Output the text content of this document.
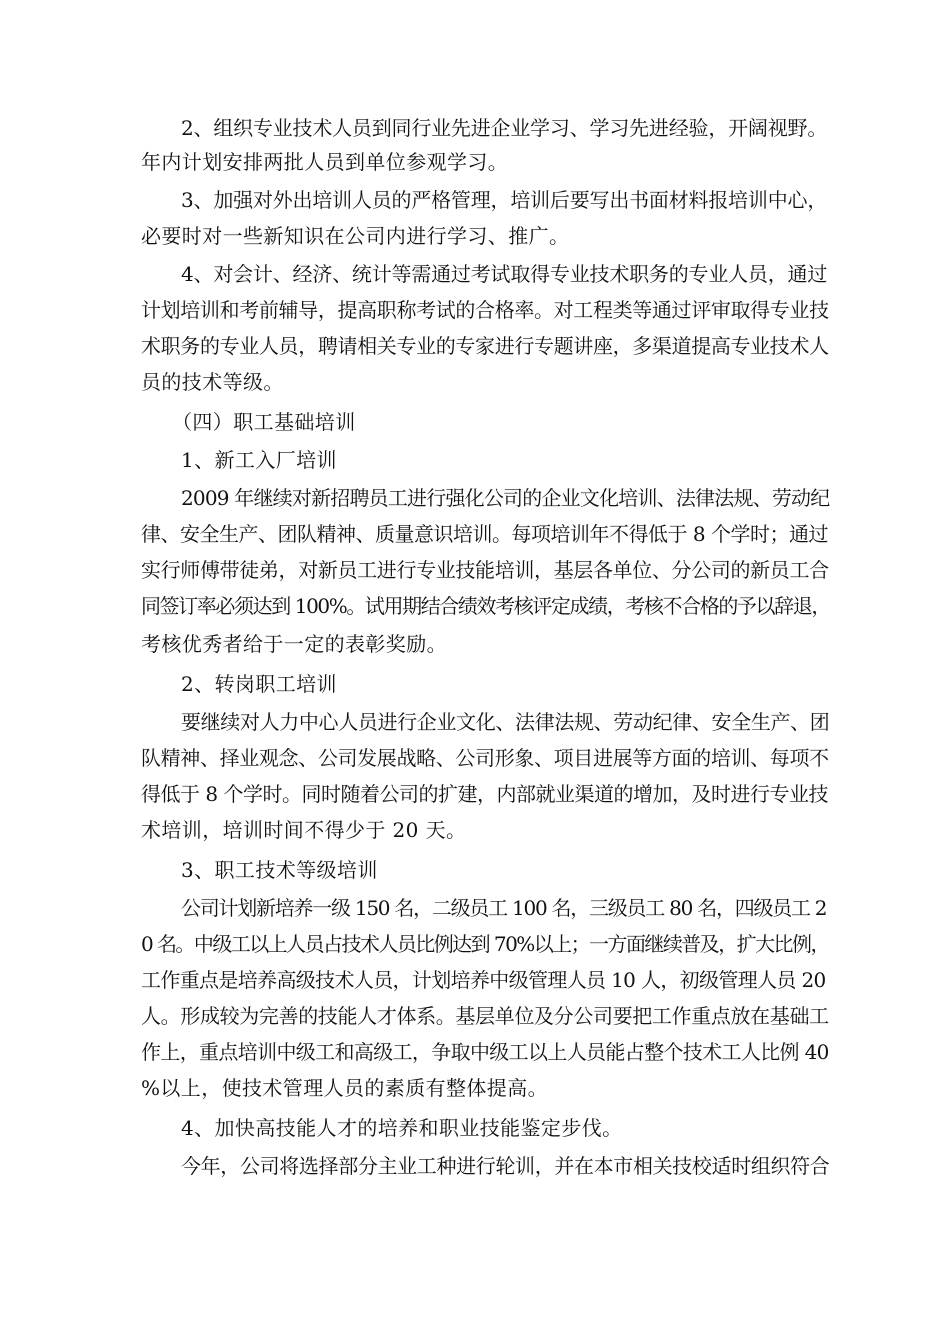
2、组织专业技术人员到同行业先进企业学习、学习先进经验，开阔视野。
年内计划安排两批人员到单位参观学习。
3、加强对外出培训人员的严格管理，培训后要写出书面材料报培训中心，
必要时对一些新知识在公司内进行学习、推广。
4、对会计、经济、统计等需通过考试取得专业技术职务的专业人员，通过
计划培训和考前辅导，提高职称考试的合格率。对工程类等通过评审取得专业技
术职务的专业人员，聘请相关专业的专家进行专题讲座，多渠道提高专业技术人
员的技术等级。
（四）职工基础培训
1、新工入厂培训
2009 年继续对新招聘员工进行强化公司的企业文化培训、法律法规、劳动纪
律、安全生产、团队精神、质量意识培训。每项培训年不得低于 8 个学时；通过
实行师傅带徒弟，对新员工进行专业技能培训，基层各单位、分公司的新员工合
同签订率必须达到 100%。试用期结合绩效考核评定成绩，考核不合格的予以辞退，
考核优秀者给于一定的表彰奖励。
2、转岗职工培训
要继续对人力中心人员进行企业文化、法律法规、劳动纪律、安全生产、团
队精神、择业观念、公司发展战略、公司形象、项目进展等方面的培训、每项不
得低于 8 个学时。同时随着公司的扩建，内部就业渠道的增加，及时进行专业技
术培训，培训时间不得少于 20 天。
3、职工技术等级培训
公司计划新培养一级 150 名，二级员工 100 名，三级员工 80 名，四级员工 2
0 名。中级工以上人员占技术人员比例达到 70%以上；一方面继续普及，扩大比例，
工作重点是培养高级技术人员，计划培养中级管理人员 10 人，初级管理人员 20
人。形成较为完善的技能人才体系。基层单位及分公司要把工作重点放在基础工
作上，重点培训中级工和高级工，争取中级工以上人员能占整个技术工人比例 40
%以上，使技术管理人员的素质有整体提高。
4、加快高技能人才的培养和职业技能鉴定步伐。
今年，公司将选择部分主业工种进行轮训，并在本市相关技校适时组织符合
